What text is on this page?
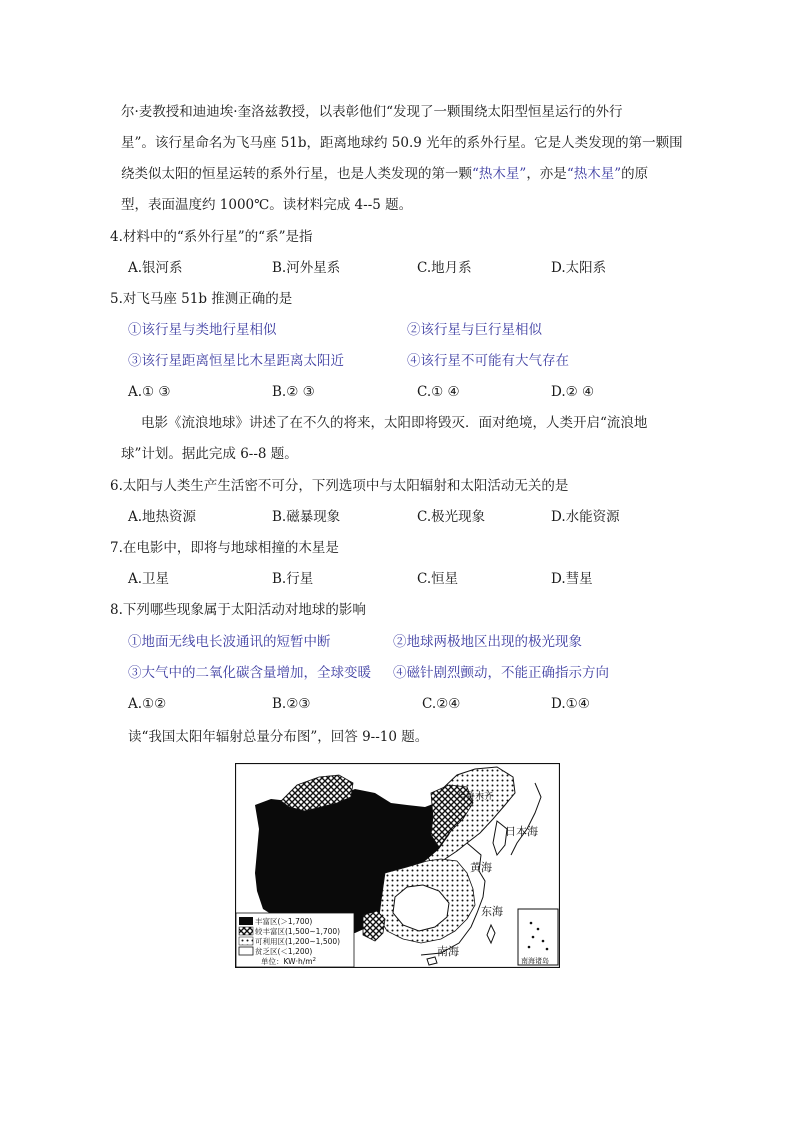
尔·麦教授和迪迪埃·奎洛兹教授，以表彰他们“发现了一颗围绕太阳型恒星运行的外行
星”。该行星命名为飞马座 51b，距离地球约 50.9 光年的系外行星。它是人类发现的第一颗围
绕类似太阳的恒星运转的系外行星，也是人类发现的第一颗“热木星”，亦是“热木星”的原
型，表面温度约 1000℃。读材料完成 4--5 题。
4.材料中的“系外行星”的“系”是指
A.银河系	B.河外星系	C.地月系	D.太阳系
5.对飞马座 51b 推测正确的是
①该行星与类地行星相似	②该行星与巨行星相似
③该行星距离恒星比木星距离太阳近	④该行星不可能有大气存在
A.① ③	B.② ③	C.① ④	D.② ④
电影《流浪地球》讲述了在不久的将来，太阳即将毁灭．面对绝境，人类开启“流浪地
球”计划。据此完成 6--8 题。
6.太阳与人类生产生活密不可分，下列选项中与太阳辐射和太阳活动无关的是
A.地热资源	B.磁暴现象	C.极光现象	D.水能资源
7.在电影中，即将与地球相撞的木星是
A.卫星	B.行星	C.恒星	D.彗星
8.下列哪些现象属于太阳活动对地球的影响
①地面无线电长波通讯的短暂中断	②地球两极地区出现的极光现象
③大气中的二氧化碳含量增加，全球变暖 ④磁针剧烈颤动，不能正确指示方向
A.①②	B.②③	C.②④	D.①④
读“我国太阳年辐射总量分布图”，回答 9--10 题。
乌鲁木齐
日本海
黄海
东海
南海
A
南海诸岛
丰富区(＞1,700)
较丰富区(1,500~1,700)
可利用区(1,200~1,500)
贫乏区(＜1,200)
单位：$KW\cdot h/m^2$
